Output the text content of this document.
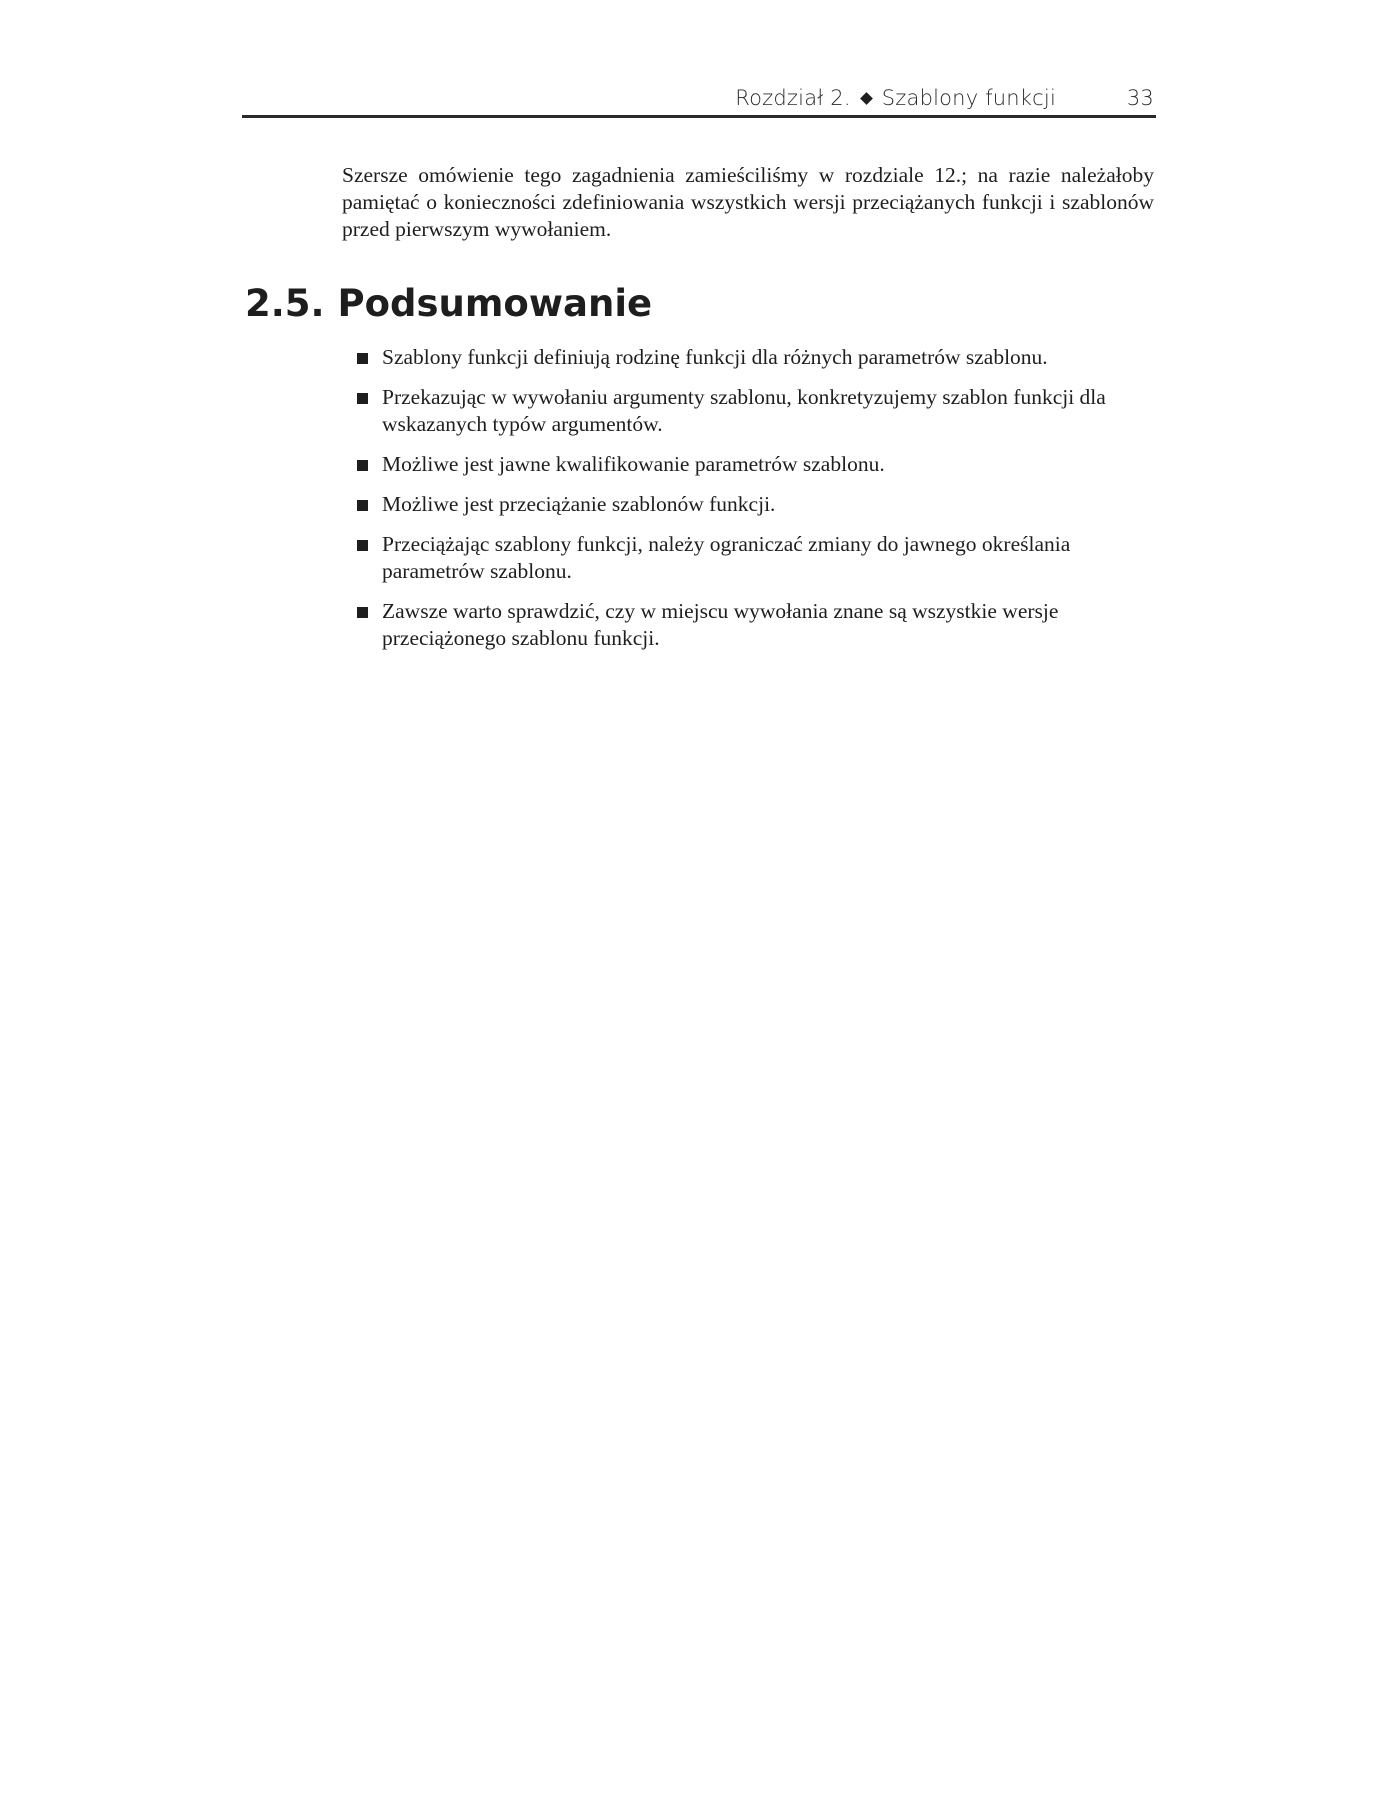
Rozdział 2. Szablony funkcji	33

Szersze omówienie tego zagadnienia zamieściliśmy w rozdziale 12.; na razie należałoby pamiętać o konieczności zdefiniowania wszystkich wersji przeciążanych funkcji i szablonów przed pierwszym wywołaniem.

2.5. Podsumowanie
Szablony funkcji definiują rodzinę funkcji dla różnych parametrów szablonu.
Przekazując w wywołaniu argumenty szablonu, konkretyzujemy szablon funkcji dla wskazanych typów argumentów.
Możliwe jest jawne kwalifikowanie parametrów szablonu.
Możliwe jest przeciążanie szablonów funkcji.
Przeciążając szablony funkcji, należy ograniczać zmiany do jawnego określania parametrów szablonu.
Zawsze warto sprawdzić, czy w miejscu wywołania znane są wszystkie wersje przeciążonego szablonu funkcji.
